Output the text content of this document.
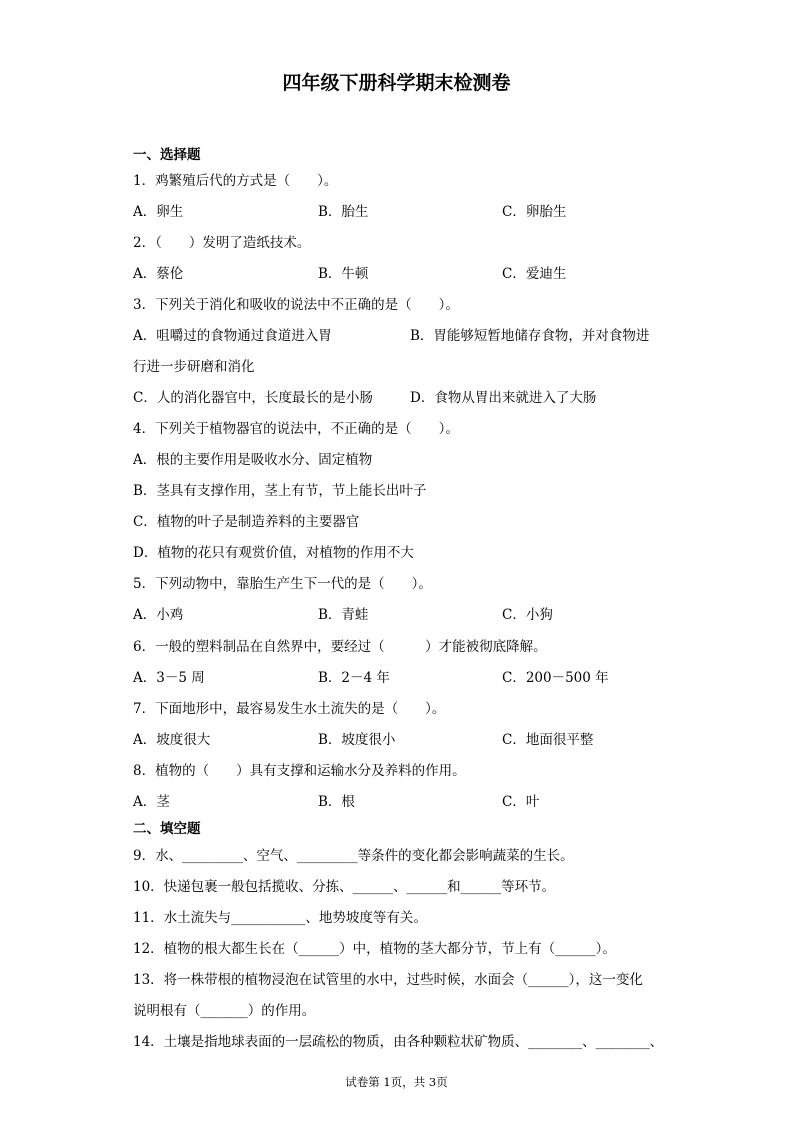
四年级下册科学期末检测卷
一、选择题
1．鸡繁殖后代的方式是（　　）。
A．卵生	B．胎生	C．卵胎生
2．（　　）发明了造纸技术。
A．蔡伦	B．牛顿	C．爱迪生
3．下列关于消化和吸收的说法中不正确的是（　　）。
A．咀嚼过的食物通过食道进入胃	B．胃能够短暂地储存食物，并对食物进
行进一步研磨和消化
C．人的消化器官中，长度最长的是小肠	D．食物从胃出来就进入了大肠
4．下列关于植物器官的说法中，不正确的是（　　）。
A．根的主要作用是吸收水分、固定植物
B．茎具有支撑作用，茎上有节，节上能长出叶子
C．植物的叶子是制造养料的主要器官
D．植物的花只有观赏价值，对植物的作用不大
5．下列动物中，靠胎生产生下一代的是（　　）。
A．小鸡	B．青蛙	C．小狗
6．一般的塑料制品在自然界中，要经过（　　　）才能被彻底降解。
A．3－5 周	B．2－4 年	C．200－500 年
7．下面地形中，最容易发生水土流失的是（　　）。
A．坡度很大	B．坡度很小	C．地面很平整
8．植物的（　　）具有支撑和运输水分及养料的作用。
A．茎	B．根	C．叶
二、填空题
9．水、_________、空气、_________等条件的变化都会影响蔬菜的生长。
10．快递包裹一般包括揽收、分拣、______、______和______等环节。
11．水土流失与___________、地势坡度等有关。
12．植物的根大都生长在（______）中，植物的茎大都分节，节上有（______）。
13．将一株带根的植物浸泡在试管里的水中，过些时候，水面会（______），这一变化
说明根有（_______）的作用。
14．土壤是指地球表面的一层疏松的物质，由各种颗粒状矿物质、________、________、
试卷第 1页，共 3页
